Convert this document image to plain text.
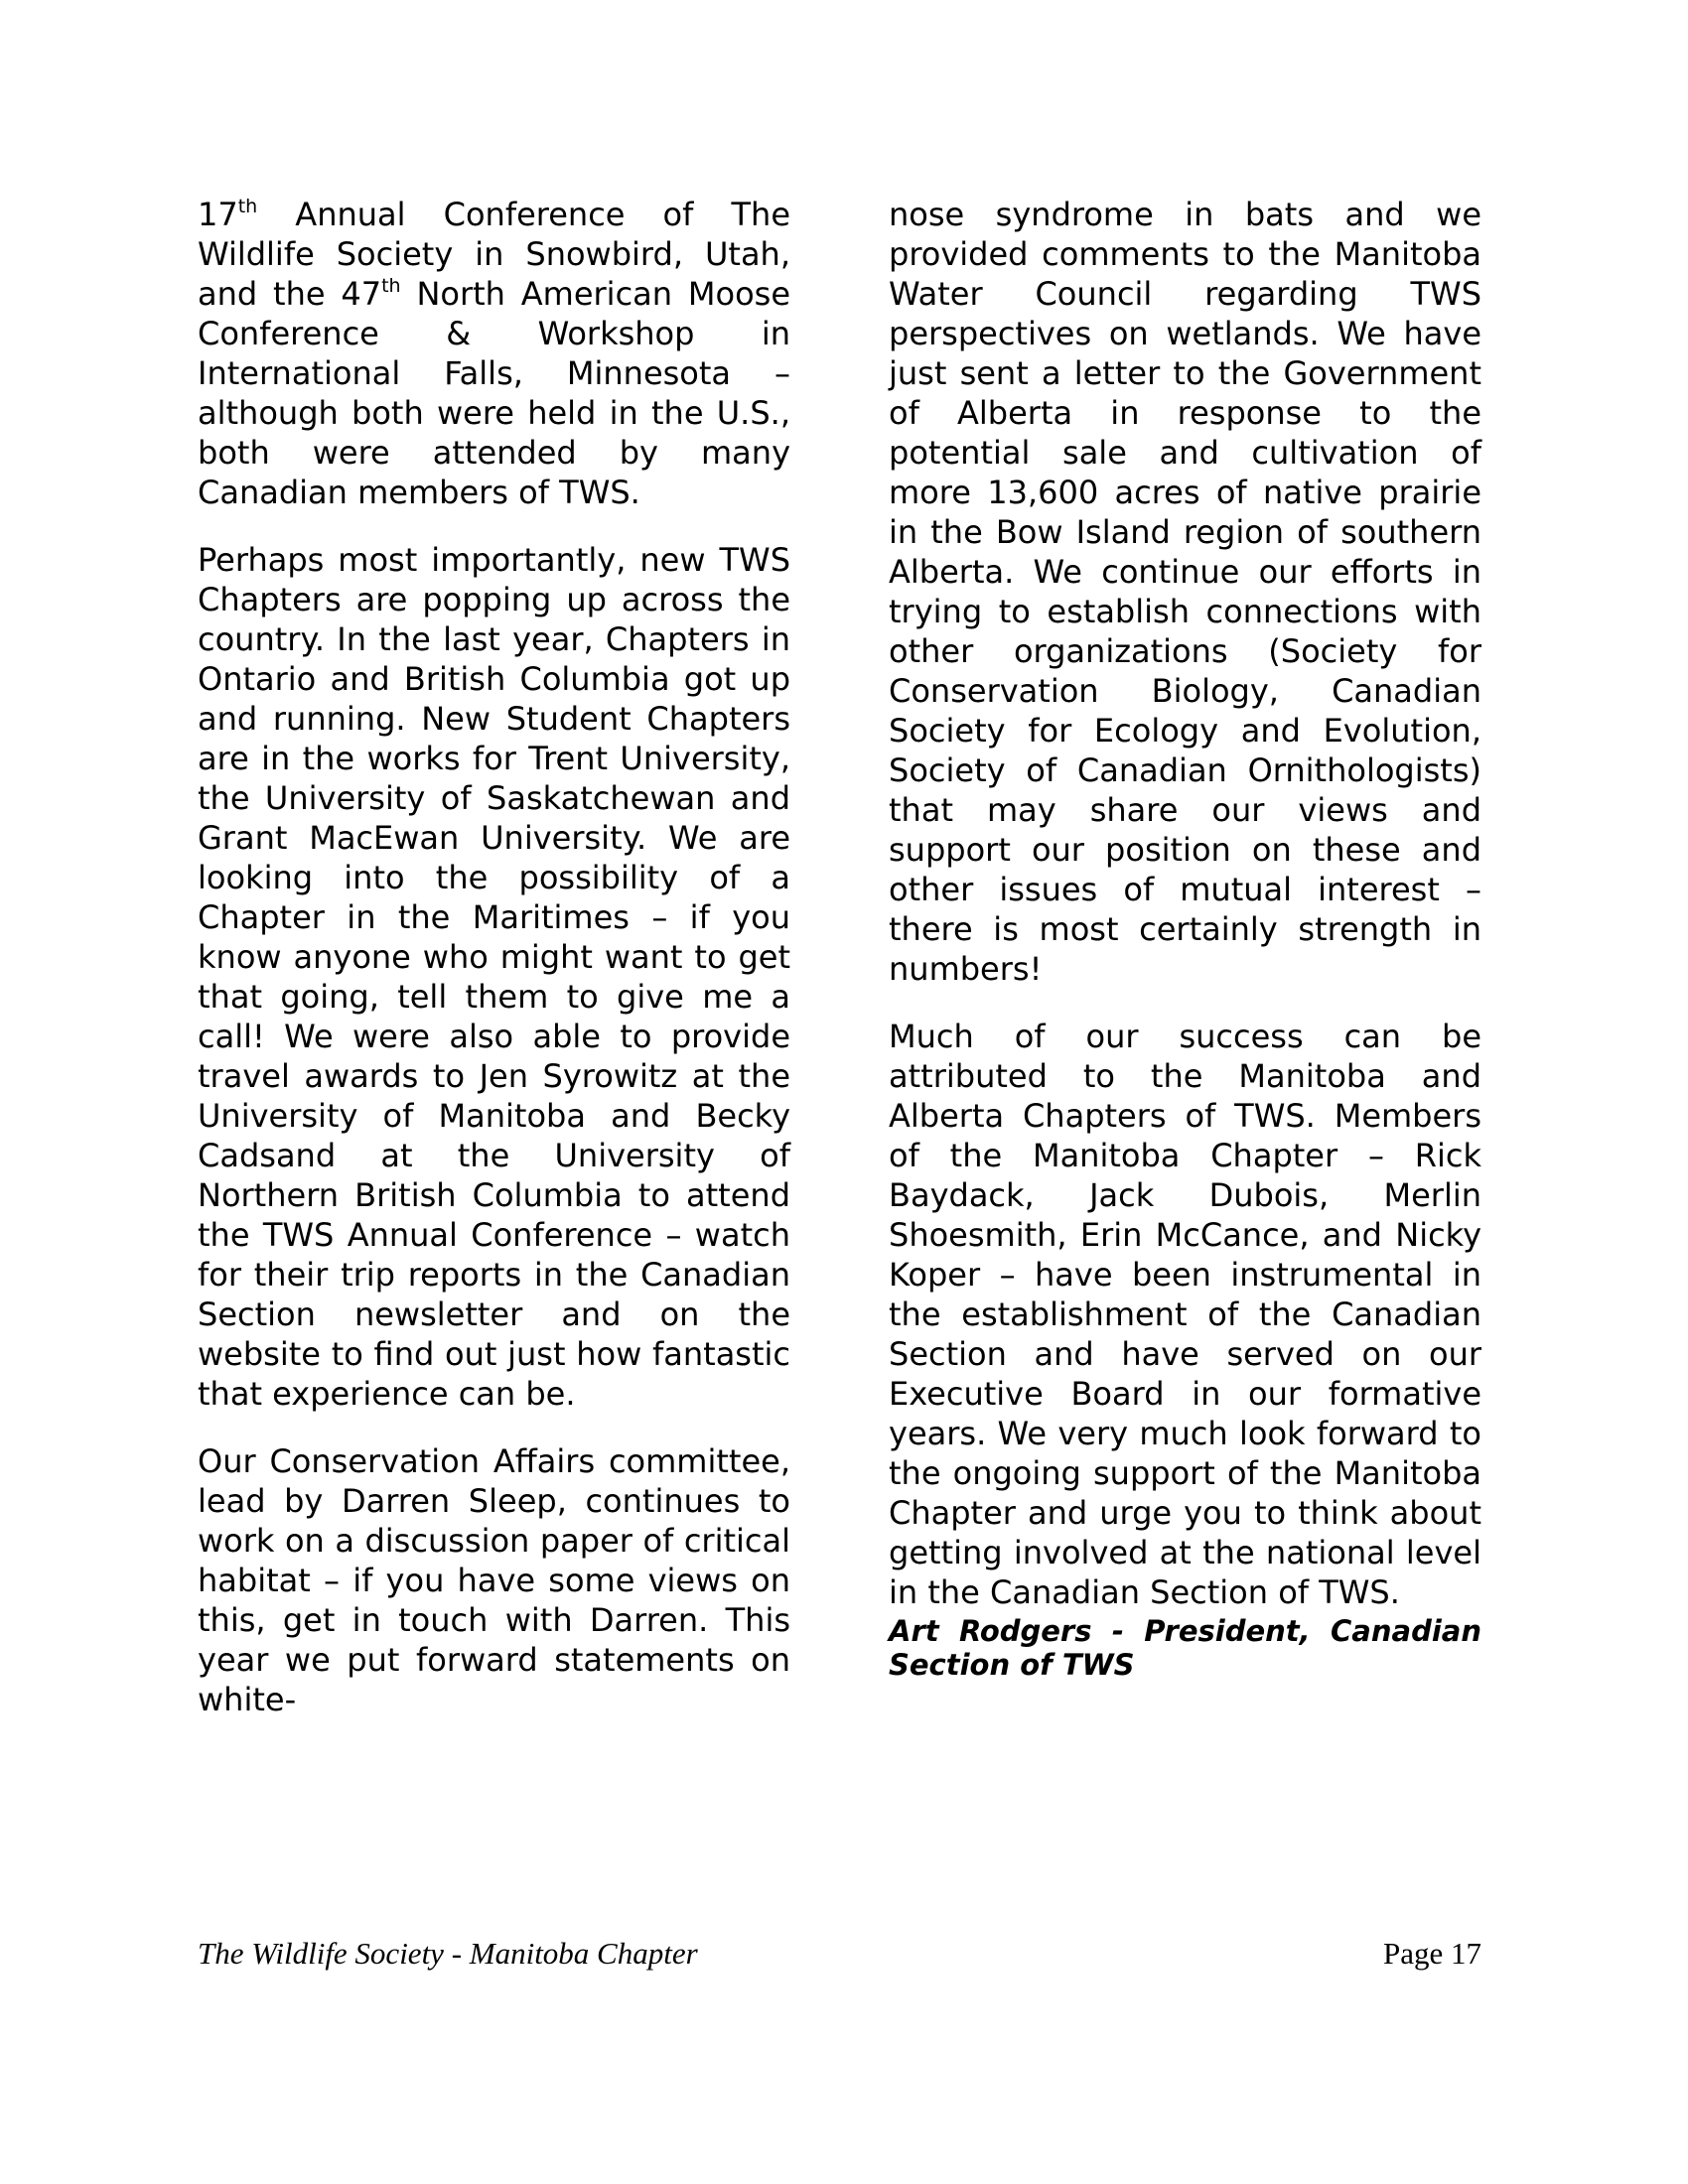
17th Annual Conference of The Wildlife Society in Snowbird, Utah, and the 47th North American Moose Conference & Workshop in International Falls, Minnesota – although both were held in the U.S., both were attended by many Canadian members of TWS.

Perhaps most importantly, new TWS Chapters are popping up across the country. In the last year, Chapters in Ontario and British Columbia got up and running. New Student Chapters are in the works for Trent University, the University of Saskatchewan and Grant MacEwan University. We are looking into the possibility of a Chapter in the Maritimes – if you know anyone who might want to get that going, tell them to give me a call! We were also able to provide travel awards to Jen Syrowitz at the University of Manitoba and Becky Cadsand at the University of Northern British Columbia to attend the TWS Annual Conference – watch for their trip reports in the Canadian Section newsletter and on the website to find out just how fantastic that experience can be.

Our Conservation Affairs committee, lead by Darren Sleep, continues to work on a discussion paper of critical habitat – if you have some views on this, get in touch with Darren. This year we put forward statements on white-

nose syndrome in bats and we provided comments to the Manitoba Water Council regarding TWS perspectives on wetlands. We have just sent a letter to the Government of Alberta in response to the potential sale and cultivation of more 13,600 acres of native prairie in the Bow Island region of southern Alberta. We continue our efforts in trying to establish connections with other organizations (Society for Conservation Biology, Canadian Society for Ecology and Evolution, Society of Canadian Ornithologists) that may share our views and support our position on these and other issues of mutual interest – there is most certainly strength in numbers!

Much of our success can be attributed to the Manitoba and Alberta Chapters of TWS. Members of the Manitoba Chapter – Rick Baydack, Jack Dubois, Merlin Shoesmith, Erin McCance, and Nicky Koper – have been instrumental in the establishment of the Canadian Section and have served on our Executive Board in our formative years. We very much look forward to the ongoing support of the Manitoba Chapter and urge you to think about getting involved at the national level in the Canadian Section of TWS.

Art Rodgers - President, Canadian Section of TWS
The Wildlife Society - Manitoba Chapter	Page 17
